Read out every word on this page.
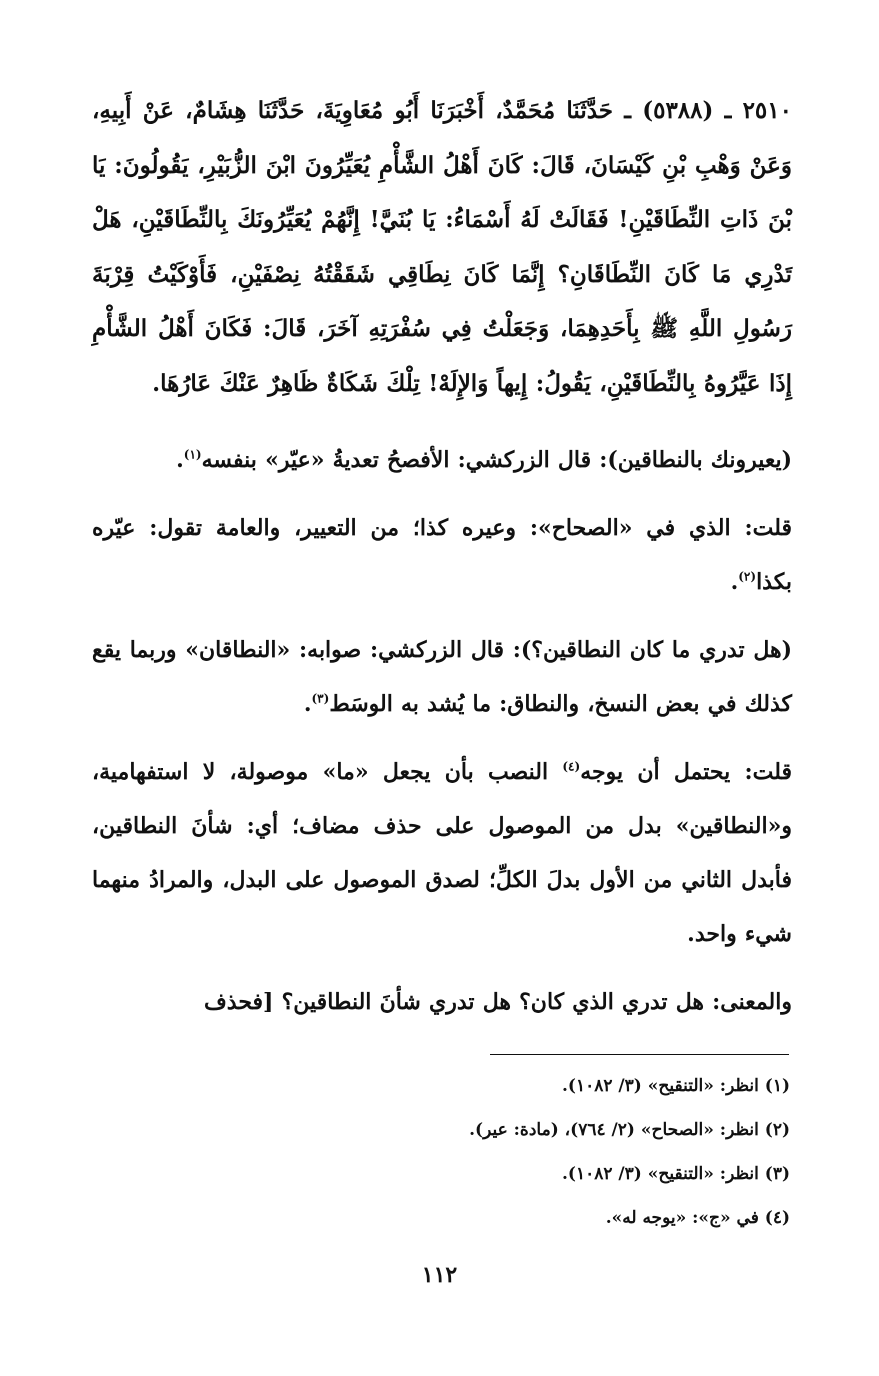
٢٥١٠ ـ (٥٣٨٨) ـ حَدَّثَنَا مُحَمَّدٌ، أَخْبَرَنَا أَبُو مُعَاوِيَةَ، حَدَّثَنَا هِشَامٌ، عَنْ أَبِيهِ، وَعَنْ وَهْبِ بْنِ كَيْسَانَ، قَالَ: كَانَ أَهْلُ الشَّأْمِ يُعَيِّرُونَ ابْنَ الزُّبَيْرِ، يَقُولُونَ: يَا بْنَ ذَاتِ النِّطَاقَيْنِ! فَقَالَتْ لَهُ أَسْمَاءُ: يَا بُنَيَّ! إِنَّهُمْ يُعَيِّرُونَكَ بِالنِّطَاقَيْنِ، هَلْ تَدْرِي مَا كَانَ النِّطَاقَانِ؟ إِنَّمَا كَانَ نِطَاقِي شَقَقْتُهُ نِصْفَيْنِ، فَأَوْكَيْتُ قِرْبَةَ رَسُولِ اللَّهِ ﷺ بِأَحَدِهِمَا، وَجَعَلْتُ فِي سُفْرَتِهِ آخَرَ، قَالَ: فَكَانَ أَهْلُ الشَّأْمِ إِذَا عَيَّرُوهُ بِالنِّطَاقَيْنِ، يَقُولُ: إِيهاً وَالإِلَهْ! تِلْكَ شَكَاةٌ ظَاهِرٌ عَنْكَ عَارُهَا.

(يعيرونك بالنطاقين): قال الزركشي: الأفصحُ تعديةُ «عيّر» بنفسه$^{(١)}$.

قلت: الذي في «الصحاح»: وعيره كذا؛ من التعيير، والعامة تقول: عيّره بكذا$^{(٢)}$.

(هل تدري ما كان النطاقين؟): قال الزركشي: صوابه: «النطاقان» وربما يقع كذلك في بعض النسخ، والنطاق: ما يُشد به الوسَط$^{(٣)}$.

قلت: يحتمل أن يوجه$^{(٤)}$ النصب بأن يجعل «ما» موصولة، لا استفهامية، و«النطاقين» بدل من الموصول على حذف مضاف؛ أي: شأنَ النطاقين، فأبدل الثاني من الأول بدلَ الكلِّ؛ لصدق الموصول على البدل، والمرادُ منهما شيء واحد.

والمعنى: هل تدري الذي كان؟ هل تدري شأنَ النطاقين؟ [فحذف

(١) انظر: «التنقيح» (٣/ ١٠٨٢).

(٢) انظر: «الصحاح» (٢/ ٧٦٤)، (مادة: عير).

(٣) انظر: «التنقيح» (٣/ ١٠٨٢).

(٤) في «ج»: «يوجه له».

١١٢
